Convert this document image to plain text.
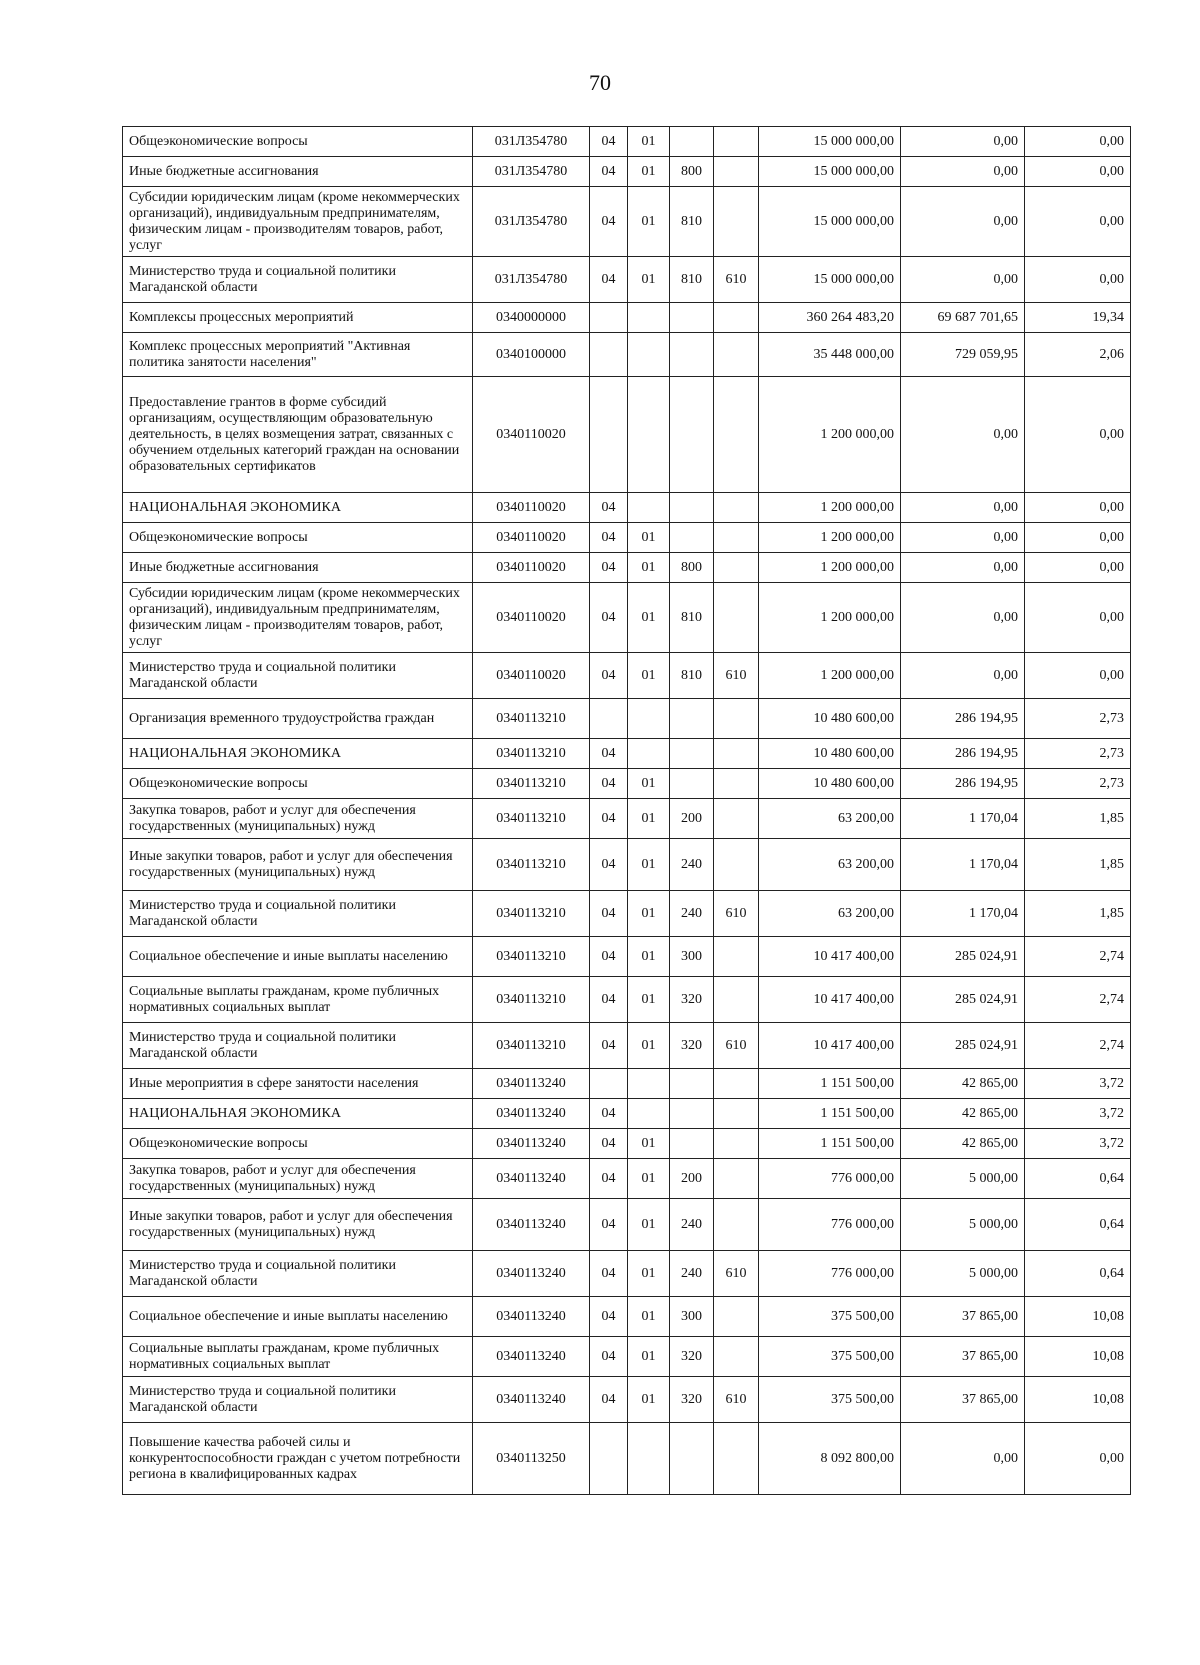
70
Общеэкономические вопросы	031Л354780	04	01			15 000 000,00	0,00	0,00
Иные бюджетные ассигнования	031Л354780	04	01	800		15 000 000,00	0,00	0,00
Субсидии юридическим лицам (кроме некоммерческих организаций), индивидуальным предпринимателям, физическим лицам - производителям товаров, работ, услуг	031Л354780	04	01	810		15 000 000,00	0,00	0,00
Министерство труда и социальной политики Магаданской области	031Л354780	04	01	810	610	15 000 000,00	0,00	0,00
Комплексы процессных мероприятий	0340000000					360 264 483,20	69 687 701,65	19,34
Комплекс процессных мероприятий "Активная политика занятости населения"	0340100000					35 448 000,00	729 059,95	2,06
Предоставление грантов в форме субсидий организациям, осуществляющим образовательную деятельность, в целях возмещения затрат, связанных с обучением отдельных категорий граждан на основании образовательных сертификатов	0340110020					1 200 000,00	0,00	0,00
НАЦИОНАЛЬНАЯ ЭКОНОМИКА	0340110020	04				1 200 000,00	0,00	0,00
Общеэкономические вопросы	0340110020	04	01			1 200 000,00	0,00	0,00
Иные бюджетные ассигнования	0340110020	04	01	800		1 200 000,00	0,00	0,00
Субсидии юридическим лицам (кроме некоммерческих организаций), индивидуальным предпринимателям, физическим лицам - производителям товаров, работ, услуг	0340110020	04	01	810		1 200 000,00	0,00	0,00
Министерство труда и социальной политики Магаданской области	0340110020	04	01	810	610	1 200 000,00	0,00	0,00
Организация временного трудоустройства граждан	0340113210					10 480 600,00	286 194,95	2,73
НАЦИОНАЛЬНАЯ ЭКОНОМИКА	0340113210	04				10 480 600,00	286 194,95	2,73
Общеэкономические вопросы	0340113210	04	01			10 480 600,00	286 194,95	2,73
Закупка товаров, работ и услуг для обеспечения государственных (муниципальных) нужд	0340113210	04	01	200		63 200,00	1 170,04	1,85
Иные закупки товаров, работ и услуг для обеспечения государственных (муниципальных) нужд	0340113210	04	01	240		63 200,00	1 170,04	1,85
Министерство труда и социальной политики Магаданской области	0340113210	04	01	240	610	63 200,00	1 170,04	1,85
Социальное обеспечение и иные выплаты населению	0340113210	04	01	300		10 417 400,00	285 024,91	2,74
Социальные выплаты гражданам, кроме публичных нормативных социальных выплат	0340113210	04	01	320		10 417 400,00	285 024,91	2,74
Министерство труда и социальной политики Магаданской области	0340113210	04	01	320	610	10 417 400,00	285 024,91	2,74
Иные мероприятия в сфере занятости населения	0340113240					1 151 500,00	42 865,00	3,72
НАЦИОНАЛЬНАЯ ЭКОНОМИКА	0340113240	04				1 151 500,00	42 865,00	3,72
Общеэкономические вопросы	0340113240	04	01			1 151 500,00	42 865,00	3,72
Закупка товаров, работ и услуг для обеспечения государственных (муниципальных) нужд	0340113240	04	01	200		776 000,00	5 000,00	0,64
Иные закупки товаров, работ и услуг для обеспечения государственных (муниципальных) нужд	0340113240	04	01	240		776 000,00	5 000,00	0,64
Министерство труда и социальной политики Магаданской области	0340113240	04	01	240	610	776 000,00	5 000,00	0,64
Социальное обеспечение и иные выплаты населению	0340113240	04	01	300		375 500,00	37 865,00	10,08
Социальные выплаты гражданам, кроме публичных нормативных социальных выплат	0340113240	04	01	320		375 500,00	37 865,00	10,08
Министерство труда и социальной политики Магаданской области	0340113240	04	01	320	610	375 500,00	37 865,00	10,08
Повышение качества рабочей силы и конкурентоспособности граждан с учетом потребности региона в квалифицированных кадрах	0340113250					8 092 800,00	0,00	0,00
